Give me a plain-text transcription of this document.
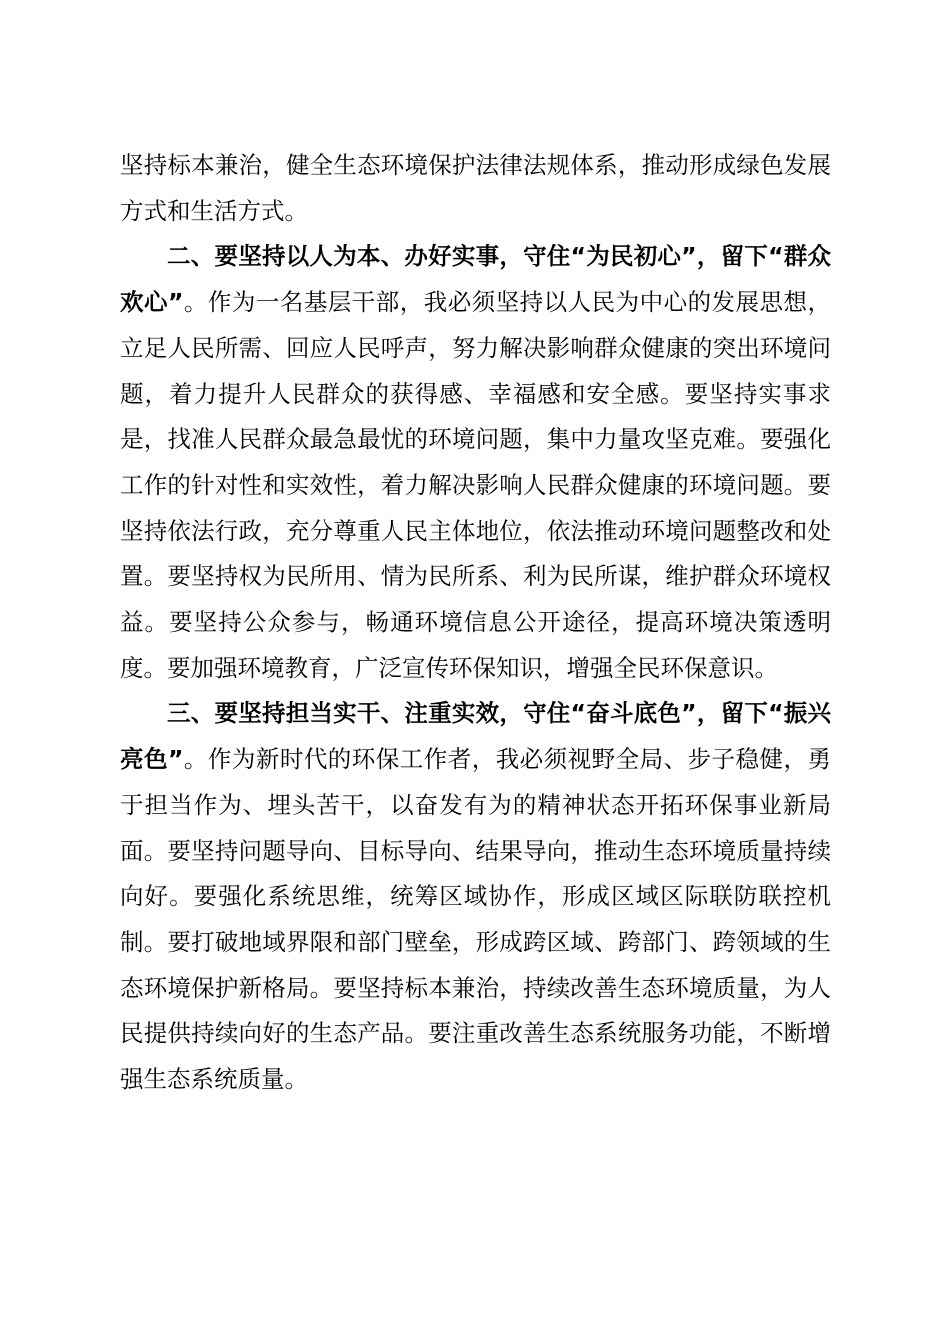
坚持标本兼治，健全生态环境保护法律法规体系，推动形成绿色发展方式和生活方式。

二、要坚持以人为本、办好实事，守住“为民初心”，留下“群众欢心”。作为一名基层干部，我必须坚持以人民为中心的发展思想，立足人民所需、回应人民呼声，努力解决影响群众健康的突出环境问题，着力提升人民群众的获得感、幸福感和安全感。要坚持实事求是，找准人民群众最急最忧的环境问题，集中力量攻坚克难。要强化工作的针对性和实效性，着力解决影响人民群众健康的环境问题。要坚持依法行政，充分尊重人民主体地位，依法推动环境问题整改和处置。要坚持权为民所用、情为民所系、利为民所谋，维护群众环境权益。要坚持公众参与，畅通环境信息公开途径，提高环境决策透明度。要加强环境教育，广泛宣传环保知识，增强全民环保意识。

三、要坚持担当实干、注重实效，守住“奋斗底色”，留下“振兴亮色”。作为新时代的环保工作者，我必须视野全局、步子稳健，勇于担当作为、埋头苦干，以奋发有为的精神状态开拓环保事业新局面。要坚持问题导向、目标导向、结果导向，推动生态环境质量持续向好。要强化系统思维，统筹区域协作，形成区域区际联防联控机制。要打破地域界限和部门壁垒，形成跨区域、跨部门、跨领域的生态环境保护新格局。要坚持标本兼治，持续改善生态环境质量，为人民提供持续向好的生态产品。要注重改善生态系统服务功能，不断增强生态系统质量。
